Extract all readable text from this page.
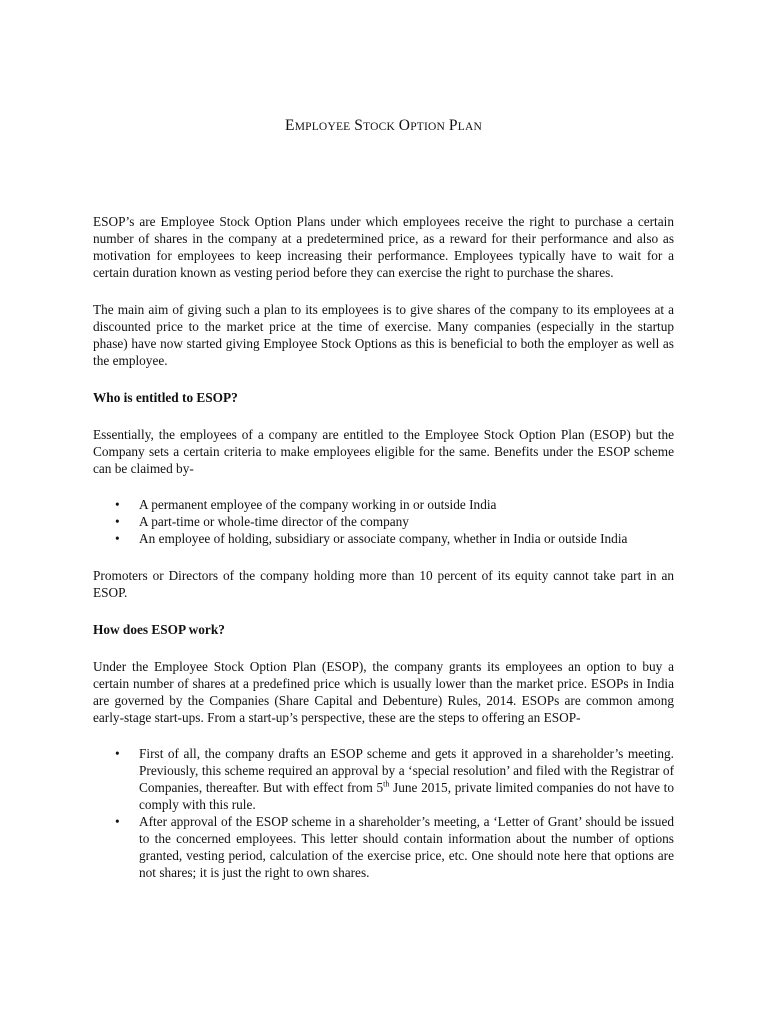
EMPLOYEE STOCK OPTION PLAN

ESOP’s are Employee Stock Option Plans under which employees receive the right to purchase a certain number of shares in the company at a predetermined price, as a reward for their performance and also as motivation for employees to keep increasing their performance. Employees typically have to wait for a certain duration known as vesting period before they can exercise the right to purchase the shares.

The main aim of giving such a plan to its employees is to give shares of the company to its employees at a discounted price to the market price at the time of exercise. Many companies (especially in the startup phase) have now started giving Employee Stock Options as this is beneficial to both the employer as well as the employee.

Who is entitled to ESOP?

Essentially, the employees of a company are entitled to the Employee Stock Option Plan (ESOP) but the Company sets a certain criteria to make employees eligible for the same. Benefits under the ESOP scheme can be claimed by-

• A permanent employee of the company working in or outside India
• A part-time or whole-time director of the company
• An employee of holding, subsidiary or associate company, whether in India or outside India

Promoters or Directors of the company holding more than 10 percent of its equity cannot take part in an ESOP.

How does ESOP work?

Under the Employee Stock Option Plan (ESOP), the company grants its employees an option to buy a certain number of shares at a predefined price which is usually lower than the market price. ESOPs in India are governed by the Companies (Share Capital and Debenture) Rules, 2014. ESOPs are common among early-stage start-ups. From a start-up’s perspective, these are the steps to offering an ESOP-

• First of all, the company drafts an ESOP scheme and gets it approved in a shareholder’s meeting. Previously, this scheme required an approval by a ‘special resolution’ and filed with the Registrar of Companies, thereafter. But with effect from 5th June 2015, private limited companies do not have to comply with this rule.
• After approval of the ESOP scheme in a shareholder’s meeting, a ‘Letter of Grant’ should be issued to the concerned employees. This letter should contain information about the number of options granted, vesting period, calculation of the exercise price, etc. One should note here that options are not shares; it is just the right to own shares.
